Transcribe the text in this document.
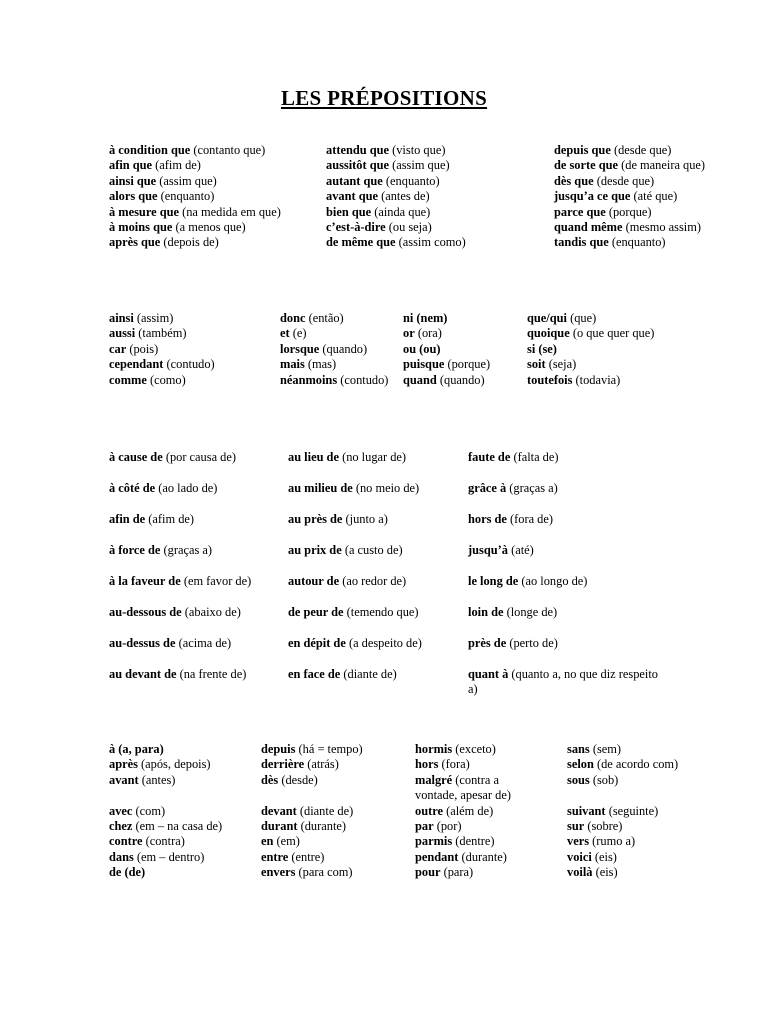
LES PRÉPOSITIONS
à condition que (contanto que)
afin que (afim de)
ainsi que (assim que)
alors que (enquanto)
à mesure que (na medida em que)
à moins que (a menos que)
après que (depois de)
attendu que (visto que)
aussitôt que (assim que)
autant que (enquanto)
avant que (antes de)
bien que (ainda que)
c’est-à-dire (ou seja)
de même que (assim como)
depuis que (desde que)
de sorte que (de maneira que)
dès que (desde que)
jusqu’a ce que (até que)
parce que (porque)
quand même (mesmo assim)
tandis que (enquanto)
ainsi (assim)
aussi (também)
car (pois)
cependant (contudo)
comme (como)
donc (então)
et (e)
lorsque (quando)
mais (mas)
néanmoins (contudo)
ni (nem)
or (ora)
ou (ou)
puisque (porque)
quand (quando)
que/qui (que)
quoique (o que quer que)
si (se)
soit (seja)
toutefois (todavia)
à cause de (por causa de)
à côté de (ao lado de)
afin de (afim de)
à force de (graças a)
à la faveur de (em favor de)
au-dessous de (abaixo de)
au-dessus de (acima de)
au devant de (na frente de)
au lieu de (no lugar de)
au milieu de (no meio de)
au près de (junto a)
au prix de (a custo de)
autour de (ao redor de)
de peur de (temendo que)
en dépit de (a despeito de)
en face de (diante de)
faute de (falta de)
grâce à (graças a)
hors de (fora de)
jusqu’à (até)
le long de (ao longo de)
loin de (longe de)
près de (perto de)
quant à (quanto a, no que diz respeito a)
à (a, para)
après (após, depois)
avant (antes)

avec (com)
chez (em – na casa de)
contre (contra)
dans (em – dentro)
de (de)
depuis (há = tempo)
derrière (atrás)
dès (desde)

devant (diante de)
durant (durante)
en (em)
entre (entre)
envers (para com)
hormis (exceto)
hors (fora)
malgré (contra a vontade, apesar de)
outre (além de)
par (por)
parmis (dentre)
pendant (durante)
pour (para)
sans (sem)
selon (de acordo com)
sous (sob)

suivant (seguinte)
sur (sobre)
vers (rumo a)
voici (eis)
voilà (eis)
